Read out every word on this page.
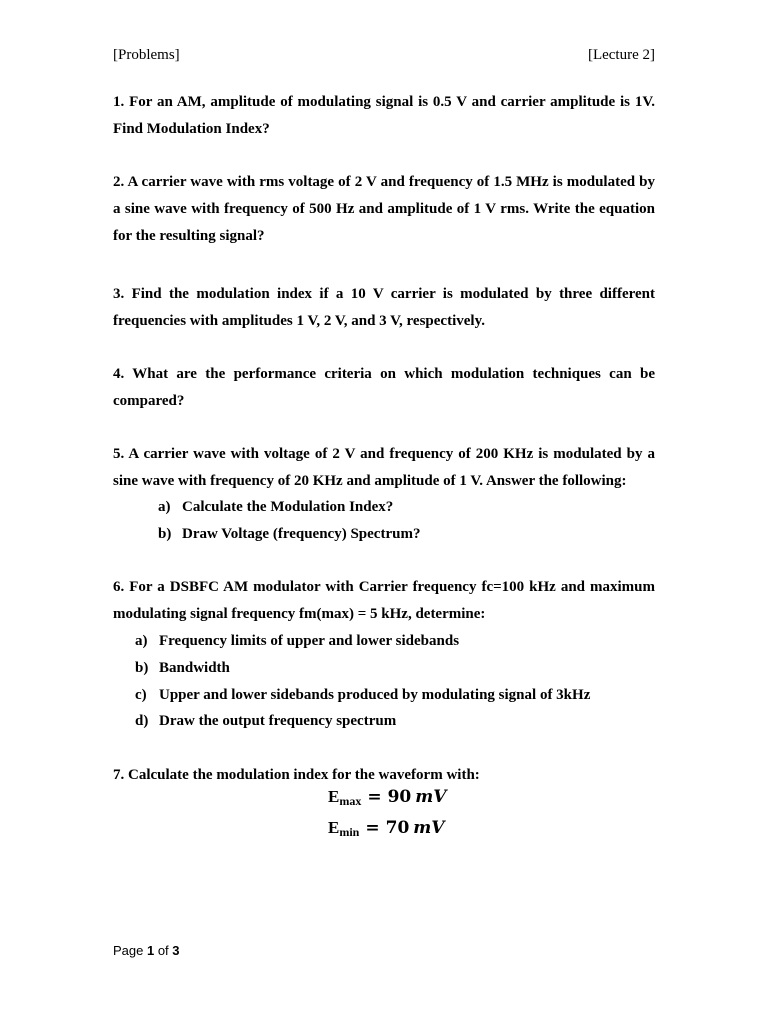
[Problems]	[Lecture 2]
1. For an AM, amplitude of modulating signal is 0.5 V and carrier amplitude is 1V.
Find Modulation Index?
2. A carrier wave with rms voltage of 2 V and frequency of 1.5 MHz is modulated by
a sine wave with frequency of 500 Hz and amplitude of 1 V rms. Write the equation
for the resulting signal?
3. Find the modulation index if a 10 V carrier is modulated by three different
frequencies with amplitudes 1 V, 2 V, and 3 V, respectively.
4. What are the performance criteria on which modulation techniques can be
compared?
5. A carrier wave with voltage of 2 V and frequency of 200 KHz is modulated by a
sine wave with frequency of 20 KHz and amplitude of 1 V. Answer the following:
a) Calculate the Modulation Index?
b) Draw Voltage (frequency) Spectrum?
6. For a DSBFC AM modulator with Carrier frequency fc=100 kHz and maximum
modulating signal frequency fm(max) = 5 kHz, determine:
a) Frequency limits of upper and lower sidebands
b) Bandwidth
c) Upper and lower sidebands produced by modulating signal of 3kHz
d) Draw the output frequency spectrum
7. Calculate the modulation index for the waveform with:
Emax = 90 mV
Emin = 70 mV
Page 1 of 3
